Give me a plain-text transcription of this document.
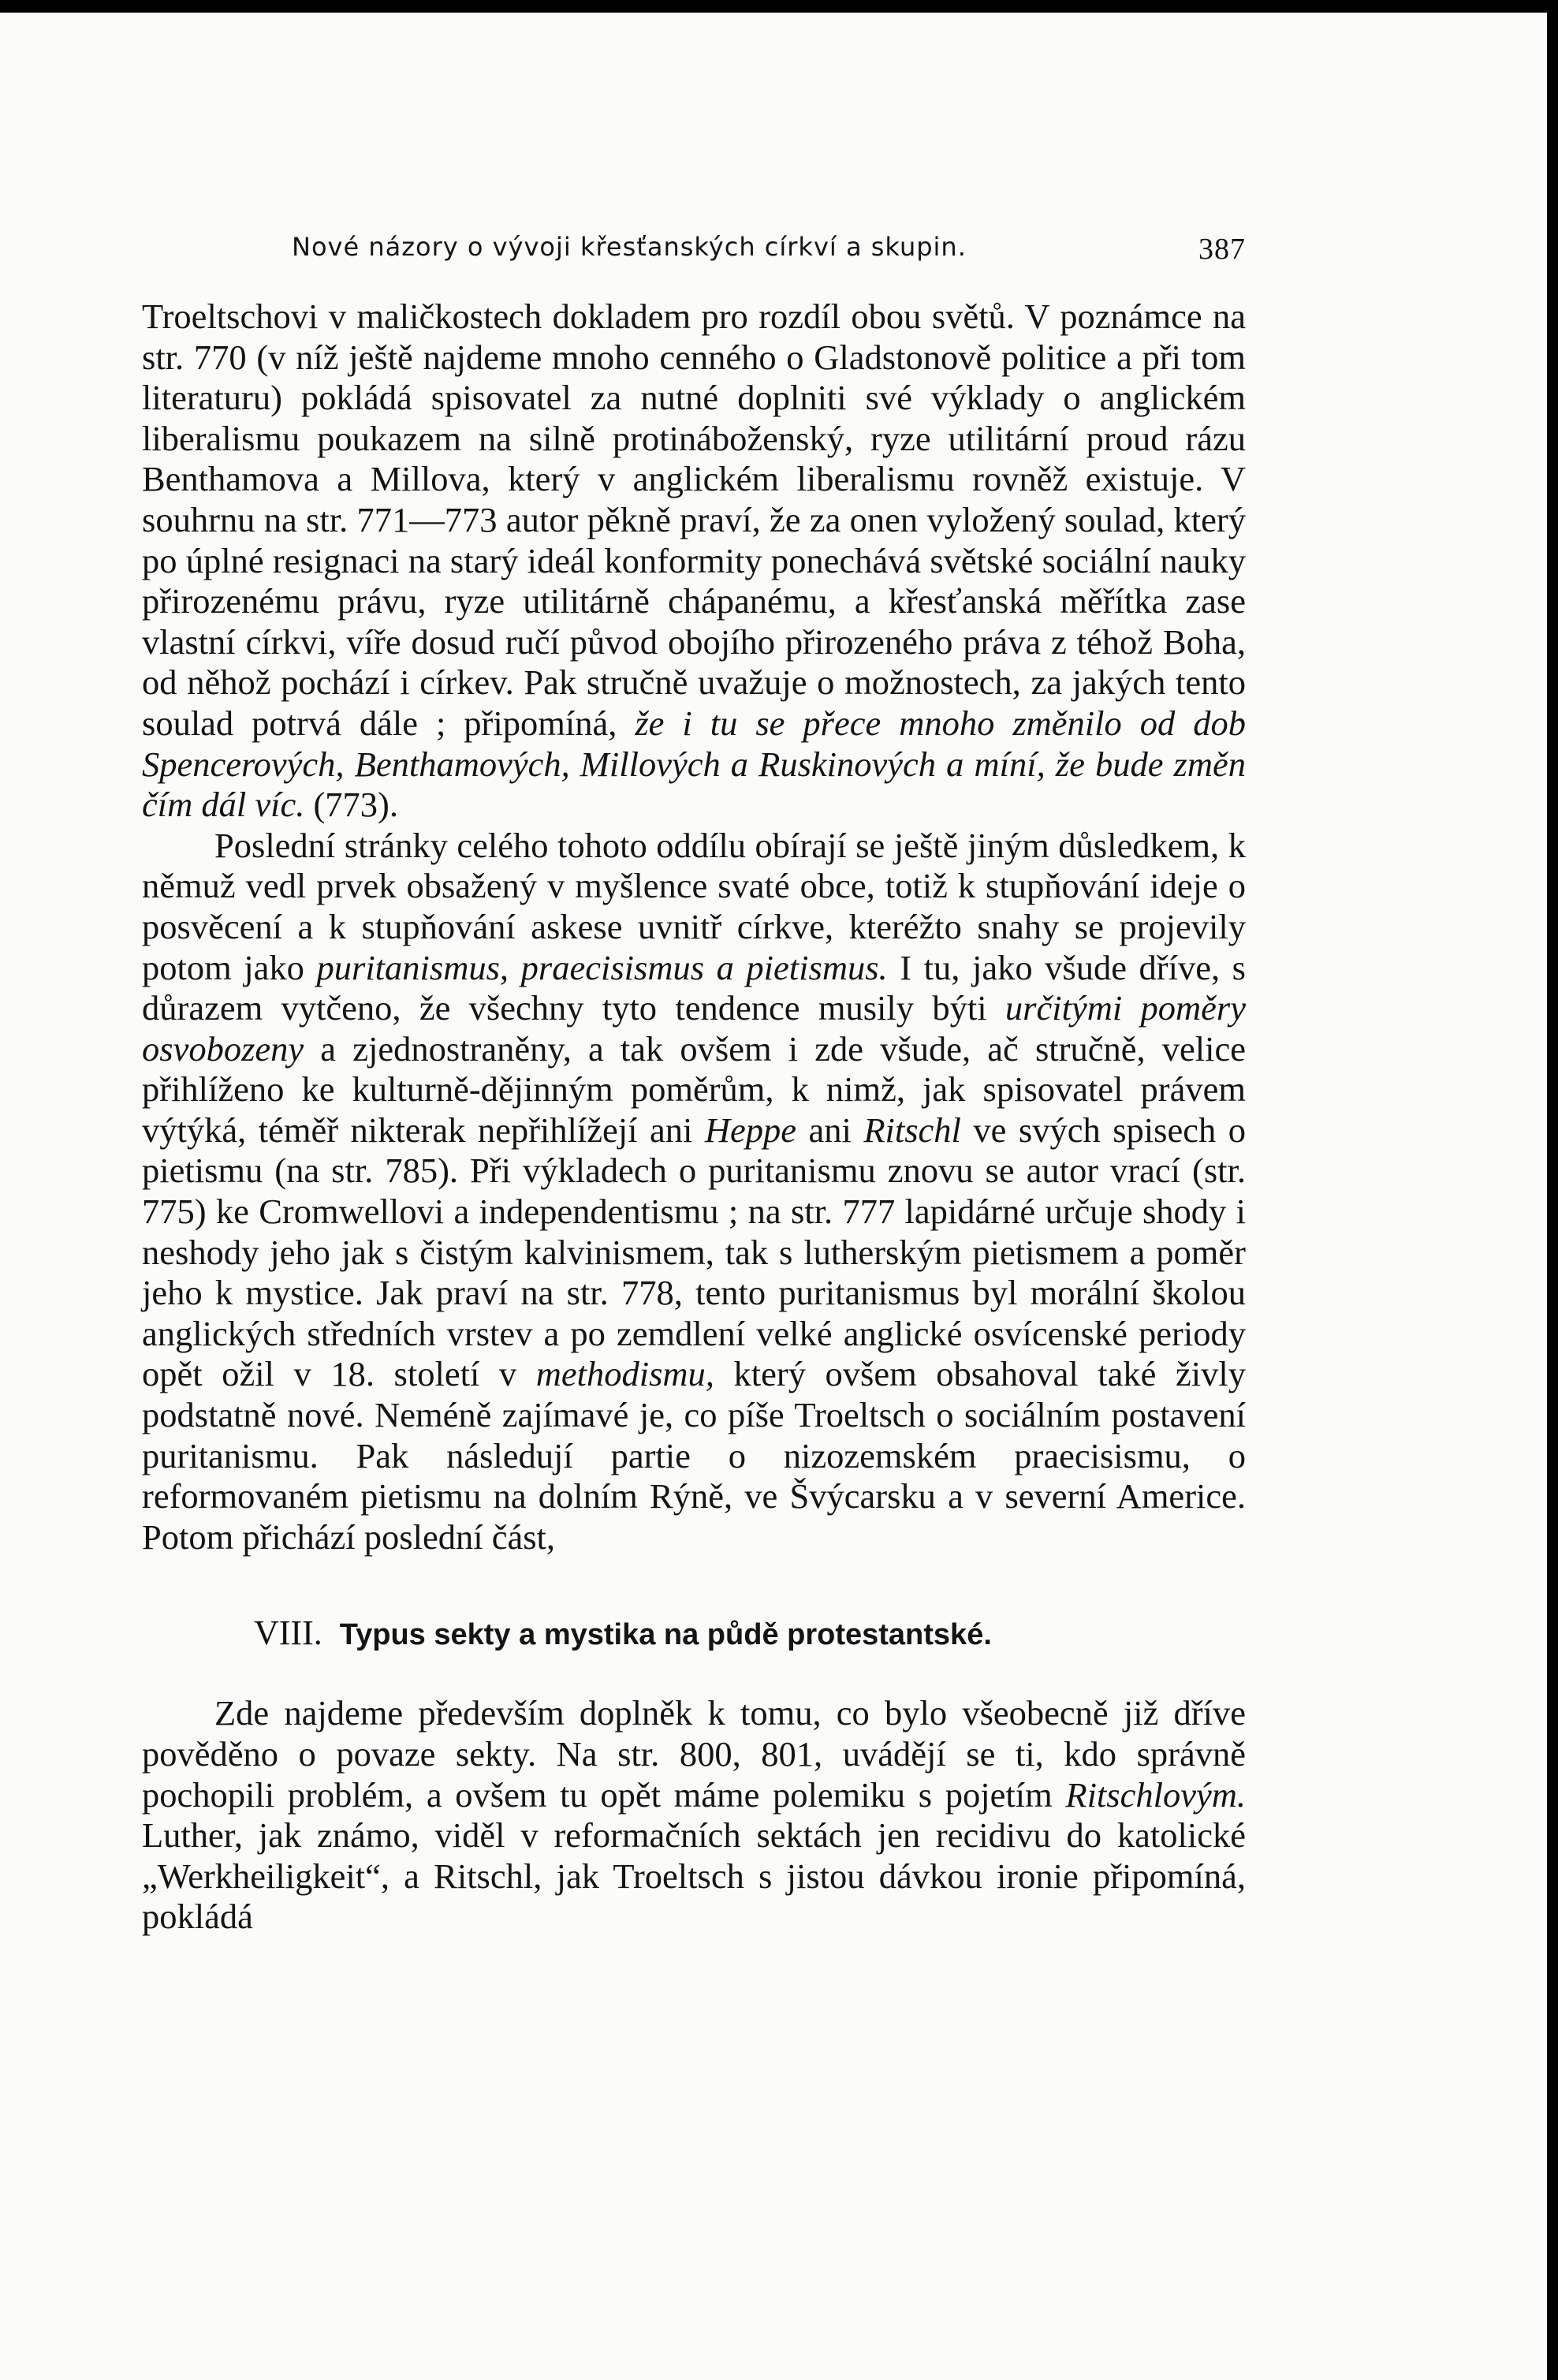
Nové názory o vývoji křesťanských církví a skupin.	387

Troeltschovi v maličkostech dokladem pro rozdíl obou světů. V poznámce na str. 770 (v níž ještě najdeme mnoho cenného o Gladstonově politice a při tom literaturu) pokládá spisovatel za nutné doplniti své výklady o anglickém liberalismu poukazem na silně protináboženský, ryze utilitární proud rázu Benthamova a Millova, který v anglickém liberalismu rovněž existuje. V souhrnu na str. 771—773 autor pěkně praví, že za onen vyložený soulad, který po úplné resignaci na starý ideál konformity ponechává světské sociální nauky přirozenému právu, ryze utilitárně chápanému, a křesťanská měřítka zase vlastní církvi, víře dosud ručí původ obojího přirozeného práva z téhož Boha, od něhož pochází i církev. Pak stručně uvažuje o možnostech, za jakých tento soulad potrvá dále ; připomíná, že i tu se přece mnoho změnilo od dob Spencerových, Benthamových, Millových a Ruskinových a míní, že bude změn čím dál víc. (773).

Poslední stránky celého tohoto oddílu obírají se ještě jiným důsledkem, k němuž vedl prvek obsažený v myšlence svaté obce, totiž k stupňování ideje o posvěcení a k stupňování askese uvnitř církve, kteréžto snahy se projevily potom jako puritanismus, praecisismus a pietismus. I tu, jako všude dříve, s důrazem vytčeno, že všechny tyto tendence musily býti určitými poměry osvobozeny a zjednostraněny, a tak ovšem i zde všude, ač stručně, velice přihlíženo ke kulturně-dějinným poměrům, k nimž, jak spisovatel právem výtýká, téměř nikterak nepřihlížejí ani Heppe ani Ritschl ve svých spisech o pietismu (na str. 785). Při výkladech o puritanismu znovu se autor vrací (str. 775) ke Cromwellovi a independentismu ; na str. 777 lapidárné určuje shody i neshody jeho jak s čistým kalvinismem, tak s lutherským pietismem a poměr jeho k mystice. Jak praví na str. 778, tento puritanismus byl morální školou anglických středních vrstev a po zemdlení velké anglické osvícenské periody opět ožil v 18. století v methodismu, který ovšem obsahoval také živly podstatně nové. Neméně zajímavé je, co píše Troeltsch o sociálním postavení puritanismu. Pak následují partie o nizozemském praecisismu, o reformovaném pietismu na dolním Rýně, ve Švýcarsku a v severní Americe. Potom přichází poslední část,

VIII. Typus sekty a mystika na půdě protestantské.

Zde najdeme především doplněk k tomu, co bylo všeobecně již dříve pověděno o povaze sekty. Na str. 800, 801, uvádějí se ti, kdo správně pochopili problém, a ovšem tu opět máme polemiku s pojetím Ritschlovým. Luther, jak známo, viděl v reformačních sektách jen recidivu do katolické „Werkheiligkeit“, a Ritschl, jak Troeltsch s jistou dávkou ironie připomíná, pokládá
